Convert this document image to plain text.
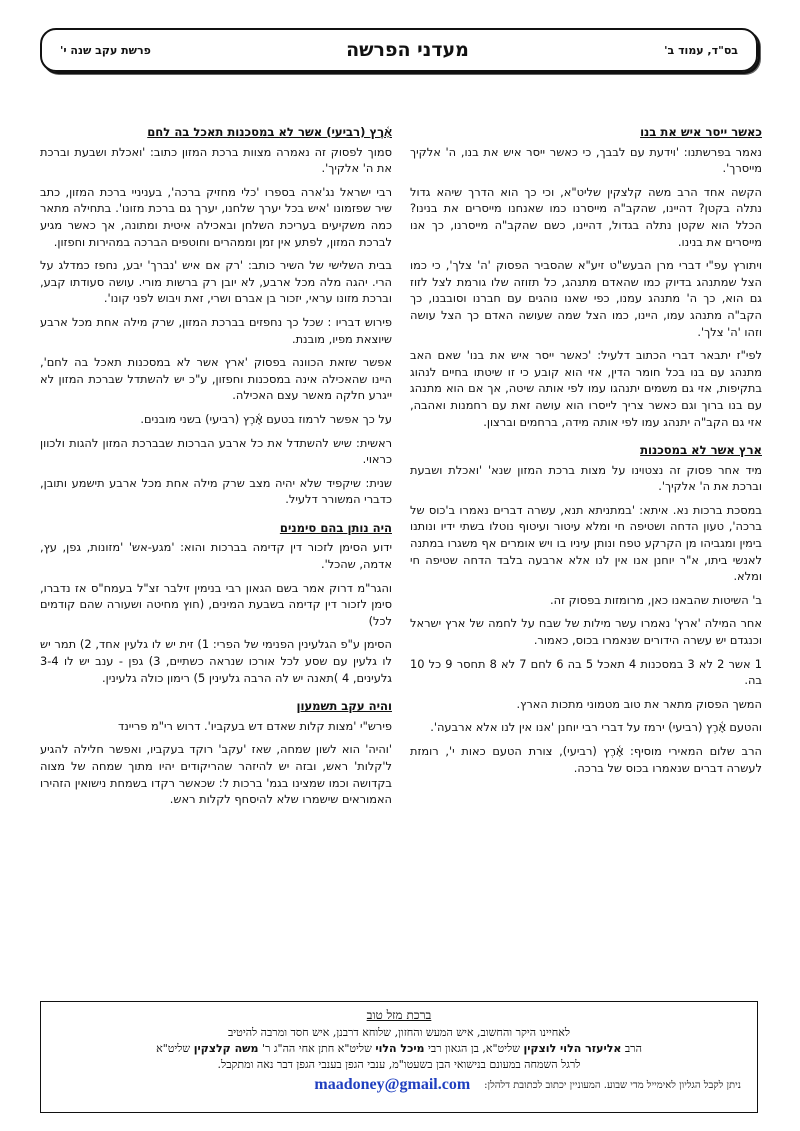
בס"ד, עמוד ב'
מעדני הפרשה
פרשת עקב שנה י'
כאשר ייסר איש את בנו
נאמר בפרשתנו: 'וידעת עם לבבך, כי כאשר ייסר איש את בנו, ה' אלקיך מייסרך'.
הקשה אחד הרב משה קלצקין שליט"א, וכי כך הוא הדרך שיהא גדול נתלה בקטן? דהיינו, שהקב"ה מייסרנו כמו שאנחנו מייסרים את בנינו? הכלל הוא שקטן נתלה בגדול, דהיינו, כשם שהקב"ה מייסרנו, כך אנו מייסרים את בנינו.
ויתורץ עפ"י דברי מרן הבעש"ט זיע"א שהסביר הפסוק 'ה' צלך', כי כמו הצל שמתנהג בדיוק כמו שהאדם מתנהג, כל תזוזה שלו גורמת לצל לזוז גם הוא, כך ה' מתנהג עמנו, כפי שאנו נוהגים עם חברנו וסובבנו, כך הקב"ה מתנהג עמו, היינו, כמו הצל שמה שעושה האדם כך הצל עושה וזהו 'ה' צלך'.
לפי"ז יתבאר דברי הכתוב דלעיל: 'כאשר ייסר איש את בנו' שאם האב מתנהג עם בנו בכל חומר הדין, אזי הוא קובע כי זו שיטתו בחיים לנהוג בתקיפות, אזי גם משמים יתנהגו עמו לפי אותה שיטה, אך אם הוא מתנהג עם בנו ברוך וגם כאשר צריך לייסרו הוא עושה זאת עם רחמנות ואהבה, אזי גם הקב"ה יתנהג עמו לפי אותה מידה, ברחמים וברצון.
ארץ אשר לא במסכנות
מיד אחר פסוק זה נצטוינו על מצות ברכת המזון שנא' 'ואכלת ושבעת וברכת את ה' אלקיך'.
במסכת ברכות נא. איתא: 'במתניתא תנא, עשרה דברים נאמרו ב'כוס של ברכה', טעון הדחה ושטיפה חי ומלא עיטור ועיטוף נוטלו בשתי ידיו ונותנו בימין ומגביהו מן הקרקע טפח ונותן עיניו בו ויש אומרים אף משגרו במתנה לאנשי ביתו, א"ר יוחנן אנו אין לנו אלא ארבעה בלבד הדחה שטיפה חי ומלא.
ב' השיטות שהבאנו כאן, מרומזות בפסוק זה.
אחר המילה 'ארץ' נאמרו עשר מילות של שבח על לחמה של ארץ ישראל וכנגדם יש עשרה הידורים שנאמרו בכוס, כאמור.
1 אשר 2 לא 3 במסכנות 4 תאכל 5 בה 6 לחם 7 לא 8 תחסר 9 כל 10 בה.
המשך הפסוק מתאר את טוב מטמוני מתכות הארץ.
והטעם אֶ֫רֶץ (רביעי) ירמז על דברי רבי יוחנן 'אנו אין לנו אלא ארבעה'.
הרב שלום המאירי מוסיף: אֶ֫רֶץ (רביעי), צורת הטעם כאות י', רומזת לעשרה דברים שנאמרו בכוס של ברכה.
אֶ֫רֶץ (רביעי) אשר לא במסכנות תאכל בה לחם
סמוך לפסוק זה נאמרה מצוות ברכת המזון כתוב: 'ואכלת ושבעת וברכת את ה' אלקיך'.
רבי ישראל נג'ארה בספרו 'כלי מחזיק ברכה', בעניניי ברכת המזון, כתב שיר שפזמונו 'איש בכל יערך שלחנו, יערך גם ברכת מזונו'. בתחילה מתאר כמה משקיעים בעריכת השלחן ובאכילה איטית ומתונה, אך כאשר מגיע לברכת המזון, לפתע אין זמן וממהרים וחוטפים הברכה במהירות וחפזון.
בבית השלישי של השיר כותב: 'רק אם איש 'נברך' יבע, נחפז כמדלג על הרי. יהגה מלה מכל ארבע, לא יובן רק ברשות מורי. עושה סעודתו קבע, וברכת מזונו עראי, יזכור בן אברם ושרי, זאת ויבוש לפני קונו'.
פירוש דבריו : שכל כך נחפזים בברכת המזון, שרק מילה אחת מכל ארבע שיוצאת מפיו, מובנת.
אפשר שזאת הכוונה בפסוק 'ארץ אשר לא במסכנות תאכל בה לחם', היינו שהאכילה אינה במסכנות וחפזון, ע"כ יש להשתדל שברכת המזון לא ייגרע חלקה מאשר עצם האכילה.
על כך אפשר לרמוז בטעם אֶ֫רֶץ (רביעי) בשני מובנים.
ראשית: שיש להשתדל את כל ארבע הברכות שבברכת המזון להגות ולכוון כראוי.
שנית: שיקפיד שלא יהיה מצב שרק מילה אחת מכל ארבע תישמע ותובן, כדברי המשורר דלעיל.
היה נותן בהם סימנים
ידוע הסימן לזכור דין קדימה בברכות והוא: 'מגע-אש' 'מזונות, גפן, עץ, אדמה, שהכל'.
והגר"מ דרוק אמר בשם הגאון רבי בנימין זילבר זצ"ל בעמח"ס אז נדברו, סימן לזכור דין קדימה בשבעת המינים, (חוץ מחיטה ושעורה שהם קודמים לכל)
הסימן ע"פ הגלעינין הפנימי של הפרי: 1) זית יש לו גלעין אחד, 2) תמר יש לו גלעין עם שסע לכל אורכו שנראה כשתיים, 3) גפן - ענב יש לו 3-4 גלעינים, 4 )תאנה יש לה הרבה גלעינין 5) רימון כולה גלעינין.
והיה עקב תשמעון
פירש"י 'מצות קלות שאדם דש בעקביו'. דרוש רי"מ פריינד
'והיה' הוא לשון שמחה, שאז 'עקב' רוקד בעקביו, ואפשר חלילה להגיע ל'קלות' ראש, ובזה יש להיזהר שהריקודים יהיו מתוך שמחה של מצוה בקדושה וכמו שמצינו בגמ' ברכות ל: שכאשר רקדו בשמחת נישואין הזהירו האמוראים שישמרו שלא להיסחף לקלות ראש.
ברכת מזל טוב
לאחיינו היקר והחשוב, איש המעש והחזון, שלוחא דרבנן, איש חסד ומרבה להיטיב
הרב אליעזר הלוי לוצקין שליט"א, בן הגאון רבי מיכל הלוי שליט"א חתן אחי הה"ג ר' משה קלצקין שליט"א
לרגל השמחה במעונם בנישואי הבן בשעטו"מ, ענבי הגפן בענבי הגפן דבר נאה ומתקבל.
ניתן לקבל הגליון לאימייל מדי שבוע. המעוניין יכתוב לכתובת דלהלן:
maadoney@gmail.com
